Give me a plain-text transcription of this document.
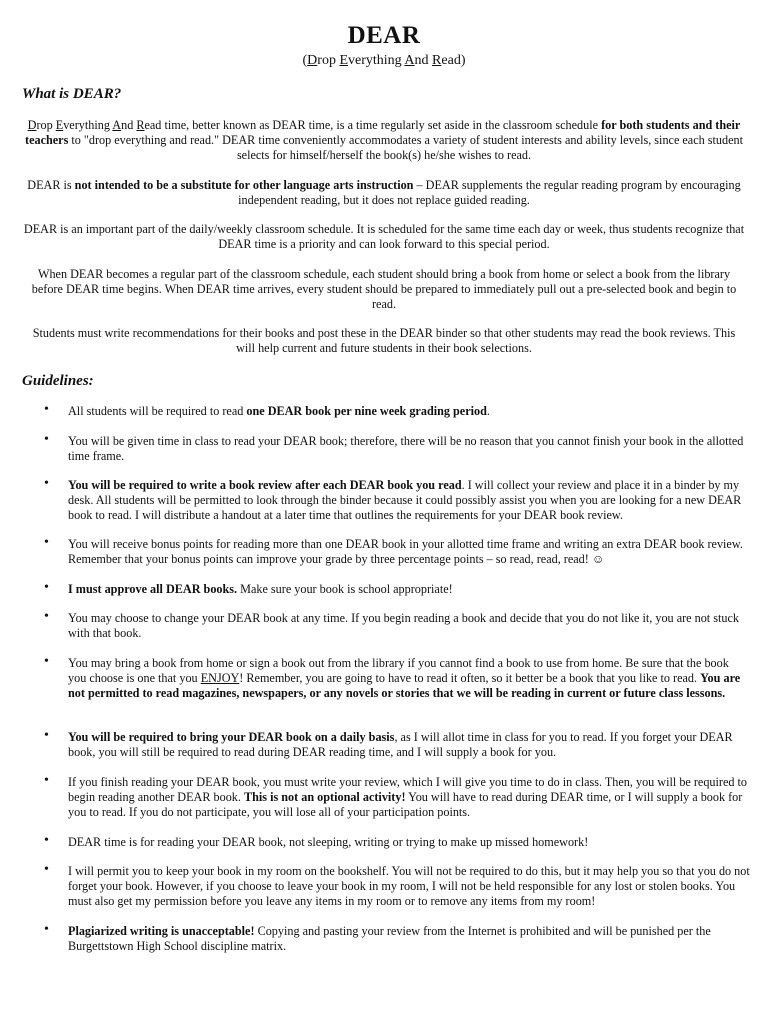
DEAR
(Drop Everything And Read)
What is DEAR?
Drop Everything And Read time, better known as DEAR time, is a time regularly set aside in the classroom schedule for both students and their teachers to "drop everything and read." DEAR time conveniently accommodates a variety of student interests and ability levels, since each student selects for himself/herself the book(s) he/she wishes to read.
DEAR is not intended to be a substitute for other language arts instruction – DEAR supplements the regular reading program by encouraging independent reading, but it does not replace guided reading.
DEAR is an important part of the daily/weekly classroom schedule. It is scheduled for the same time each day or week, thus students recognize that DEAR time is a priority and can look forward to this special period.
When DEAR becomes a regular part of the classroom schedule, each student should bring a book from home or select a book from the library before DEAR time begins. When DEAR time arrives, every student should be prepared to immediately pull out a pre-selected book and begin to read.
Students must write recommendations for their books and post these in the DEAR binder so that other students may read the book reviews. This will help current and future students in their book selections.
Guidelines:
• All students will be required to read one DEAR book per nine week grading period.
• You will be given time in class to read your DEAR book; therefore, there will be no reason that you cannot finish your book in the allotted time frame.
• You will be required to write a book review after each DEAR book you read. I will collect your review and place it in a binder by my desk. All students will be permitted to look through the binder because it could possibly assist you when you are looking for a new DEAR book to read. I will distribute a handout at a later time that outlines the requirements for your DEAR book review.
• You will receive bonus points for reading more than one DEAR book in your allotted time frame and writing an extra DEAR book review. Remember that your bonus points can improve your grade by three percentage points – so read, read, read! ☺
• I must approve all DEAR books. Make sure your book is school appropriate!
• You may choose to change your DEAR book at any time. If you begin reading a book and decide that you do not like it, you are not stuck with that book.
• You may bring a book from home or sign a book out from the library if you cannot find a book to use from home. Be sure that the book you choose is one that you ENJOY! Remember, you are going to have to read it often, so it better be a book that you like to read. You are not permitted to read magazines, newspapers, or any novels or stories that we will be reading in current or future class lessons.
• You will be required to bring your DEAR book on a daily basis, as I will allot time in class for you to read. If you forget your DEAR book, you will still be required to read during DEAR reading time, and I will supply a book for you.
• If you finish reading your DEAR book, you must write your review, which I will give you time to do in class. Then, you will be required to begin reading another DEAR book. This is not an optional activity! You will have to read during DEAR time, or I will supply a book for you to read. If you do not participate, you will lose all of your participation points.
• DEAR time is for reading your DEAR book, not sleeping, writing or trying to make up missed homework!
• I will permit you to keep your book in my room on the bookshelf. You will not be required to do this, but it may help you so that you do not forget your book. However, if you choose to leave your book in my room, I will not be held responsible for any lost or stolen books. You must also get my permission before you leave any items in my room or to remove any items from my room!
• Plagiarized writing is unacceptable! Copying and pasting your review from the Internet is prohibited and will be punished per the Burgettstown High School discipline matrix.
